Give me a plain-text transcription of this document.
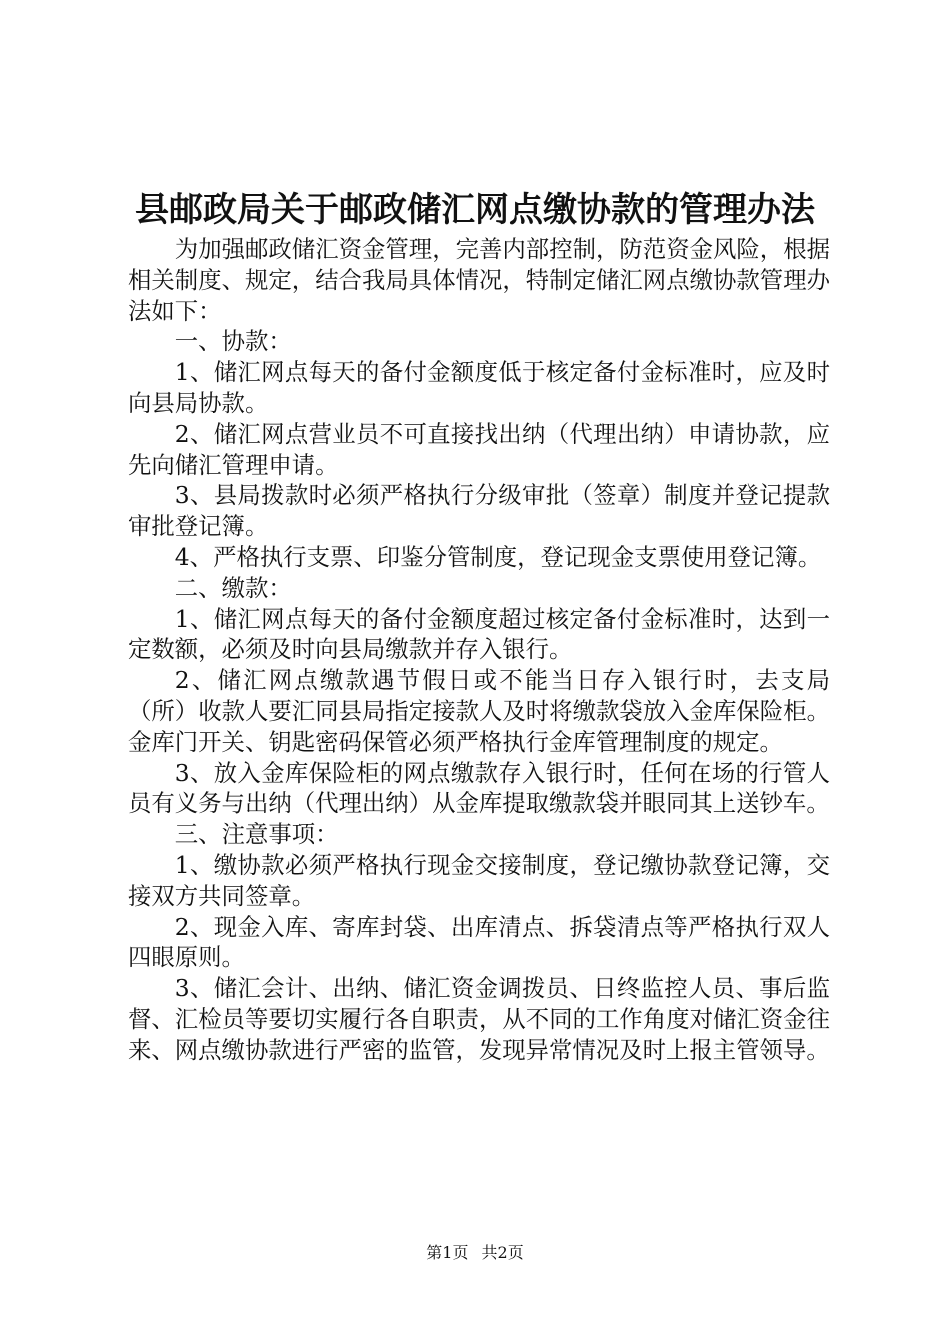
县邮政局关于邮政储汇网点缴协款的管理办法

为加强邮政储汇资金管理，完善内部控制，防范资金风险，根据相关制度、规定，结合我局具体情况，特制定储汇网点缴协款管理办法如下：

一、协款：

1、储汇网点每天的备付金额度低于核定备付金标准时，应及时向县局协款。

2、储汇网点营业员不可直接找出纳（代理出纳）申请协款，应先向储汇管理申请。

3、县局拨款时必须严格执行分级审批（签章）制度并登记提款审批登记簿。

4、严格执行支票、印鉴分管制度，登记现金支票使用登记簿。

二、缴款：

1、储汇网点每天的备付金额度超过核定备付金标准时，达到一定数额，必须及时向县局缴款并存入银行。

2、储汇网点缴款遇节假日或不能当日存入银行时，去支局（所）收款人要汇同县局指定接款人及时将缴款袋放入金库保险柜。金库门开关、钥匙密码保管必须严格执行金库管理制度的规定。

3、放入金库保险柜的网点缴款存入银行时，任何在场的行管人员有义务与出纳（代理出纳）从金库提取缴款袋并眼同其上送钞车。

三、注意事项：

1、缴协款必须严格执行现金交接制度，登记缴协款登记簿，交接双方共同签章。

2、现金入库、寄库封袋、出库清点、拆袋清点等严格执行双人四眼原则。

3、储汇会计、出纳、储汇资金调拨员、日终监控人员、事后监督、汇检员等要切实履行各自职责，从不同的工作角度对储汇资金往来、网点缴协款进行严密的监管，发现异常情况及时上报主管领导。

第1页 共2页
